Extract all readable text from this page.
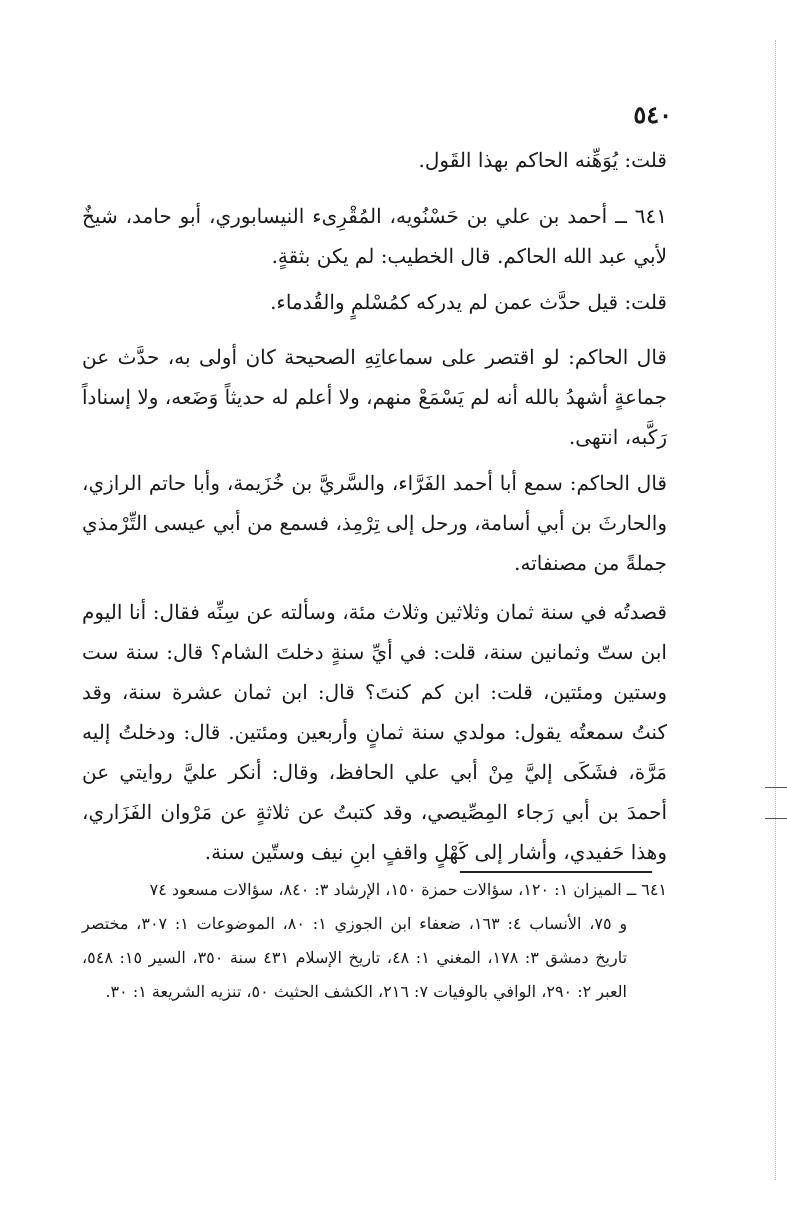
٥٤٠

قلت: يُوَهِّنه الحاكم بهذا القَول.

٦٤١ ــ أحمد بن علي بن حَسْنُويه، المُقْرِىء النيسابوري، أبو حامد، شيخٌ لأبي عبد الله الحاكم. قال الخطيب: لم يكن بثقةٍ.

قلت: قيل حدَّث عمن لم يدركه كمُسْلمٍ والقُدماء.

قال الحاكم: لو اقتصر على سماعاتِهِ الصحيحة كان أولى به، حدَّث عن جماعةٍ أشهدُ بالله أنه لم يَسْمَعْ منهم، ولا أعلم له حديثاً وَضَعه، ولا إسناداً رَكَّبه، انتهى.

قال الحاكم: سمع أبا أحمد الفَرَّاء، والسَّريَّ بن خُزَيمة، وأبا حاتم الرازي، والحارثَ بن أبي أسامة، ورحل إلى تِرْمِذ، فسمع من أبي عيسى التِّرْمذي جملةً من مصنفاته.

قصدتُه في سنة ثمان وثلاثين وثلاث مئة، وسألته عن سِنِّه فقال: أنا اليوم ابن ستّ وثمانين سنة، قلت: في أيِّ سنةٍ دخلتَ الشام؟ قال: سنة ست وستين ومئتين، قلت: ابن كم كنتَ؟ قال: ابن ثمان عشرة سنة، وقد كنتُ سمعتُه يقول: مولدي سنة ثمانٍ وأربعين ومئتين. قال: ودخلتُ إليه مَرَّة، فشَكَى إليَّ مِنْ أبي علي الحافظ، وقال: أنكر عليَّ روايتي عن أحمدَ بن أبي رَجاء المِصِّيصي، وقد كتبتُ عن ثلاثةٍ عن مَرْوان الفَزَاري، وهذا حَفيدي، وأشار إلى كَهْلٍ واقفٍ ابنِ نيف وستّين سنة.

٦٤١ ــ الميزان ١: ١٢٠، سؤالات حمزة ١٥٠، الإرشاد ٣: ٨٤٠، سؤالات مسعود ٧٤
و ٧٥، الأنساب ٤: ١٦٣، ضعفاء ابن الجوزي ١: ٨٠، الموضوعات ١: ٣٠٧، مختصر تاريخ دمشق ٣: ١٧٨، المغني ١: ٤٨، تاريخ الإسلام ٤٣١ سنة ٣٥٠، السير ١٥: ٥٤٨، العبر ٢: ٢٩٠، الوافي بالوفيات ٧: ٢١٦، الكشف الحثيث ٥٠، تنزيه الشريعة ١: ٣٠.
